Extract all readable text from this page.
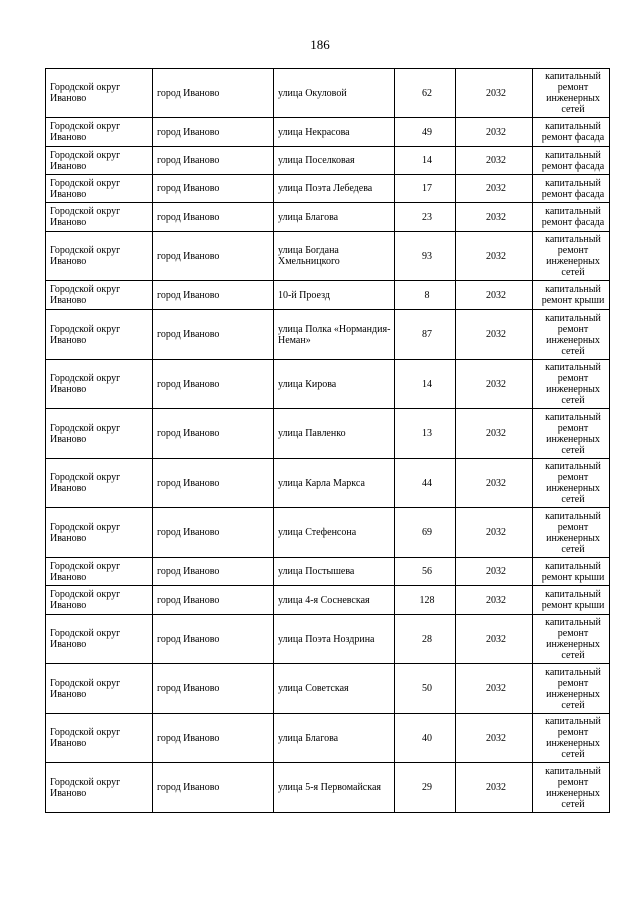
186
Городской округ Иваново	город Иваново	улица Окуловой	62	2032	капитальный ремонт инженерных сетей
Городской округ Иваново	город Иваново	улица Некрасова	49	2032	капитальный ремонт фасада
Городской округ Иваново	город Иваново	улица Поселковая	14	2032	капитальный ремонт фасада
Городской округ Иваново	город Иваново	улица Поэта Лебедева	17	2032	капитальный ремонт фасада
Городской округ Иваново	город Иваново	улица Благова	23	2032	капитальный ремонт фасада
Городской округ Иваново	город Иваново	улица Богдана Хмельницкого	93	2032	капитальный ремонт инженерных сетей
Городской округ Иваново	город Иваново	10-й Проезд	8	2032	капитальный ремонт крыши
Городской округ Иваново	город Иваново	улица Полка «Нормандия-Неман»	87	2032	капитальный ремонт инженерных сетей
Городской округ Иваново	город Иваново	улица Кирова	14	2032	капитальный ремонт инженерных сетей
Городской округ Иваново	город Иваново	улица Павленко	13	2032	капитальный ремонт инженерных сетей
Городской округ Иваново	город Иваново	улица Карла Маркса	44	2032	капитальный ремонт инженерных сетей
Городской округ Иваново	город Иваново	улица Стефенсона	69	2032	капитальный ремонт инженерных сетей
Городской округ Иваново	город Иваново	улица Постышева	56	2032	капитальный ремонт крыши
Городской округ Иваново	город Иваново	улица 4-я Сосневская	128	2032	капитальный ремонт крыши
Городской округ Иваново	город Иваново	улица Поэта Ноздрина	28	2032	капитальный ремонт инженерных сетей
Городской округ Иваново	город Иваново	улица Советская	50	2032	капитальный ремонт инженерных сетей
Городской округ Иваново	город Иваново	улица Благова	40	2032	капитальный ремонт инженерных сетей
Городской округ Иваново	город Иваново	улица 5-я Первомайская	29	2032	капитальный ремонт инженерных сетей
